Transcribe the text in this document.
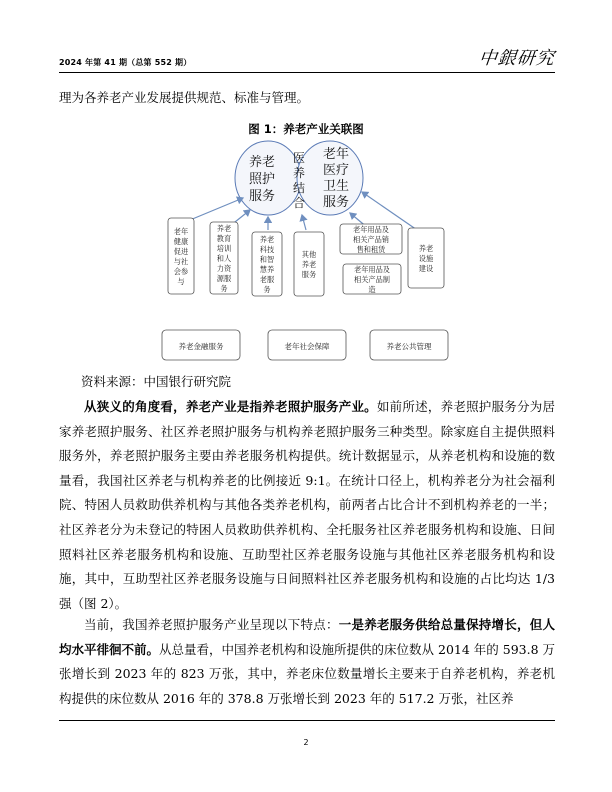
2024 年第 41 期（总第 552 期）	中銀研究
理为各养老产业发展提供规范、标准与管理。
图 1：养老产业关联图
养老
照护
服务
医
养
结
合
老年
医疗
卫生
服务
老年
健康
促进
与社
会参
与
养老
教育
培训
和人
力资
源服
务
养老
科技
和智
慧养
老服
务
其他
养老
服务
老年用品及
相关产品销
售和租赁
老年用品及
相关产品制
造
养老
设施
建设
养老金融服务	老年社会保障	养老公共管理
资料来源：中国银行研究院
从狭义的角度看，养老产业是指养老照护服务产业。如前所述，养老照护服务分为居家养老照护服务、社区养老照护服务与机构养老照护服务三种类型。除家庭自主提供照料服务外，养老照护服务主要由养老服务机构提供。统计数据显示，从养老机构和设施的数量看，我国社区养老与机构养老的比例接近 9:1。在统计口径上，机构养老分为社会福利院、特困人员救助供养机构与其他各类养老机构，前两者占比合计不到机构养老的一半；社区养老分为未登记的特困人员救助供养机构、全托服务社区养老服务机构和设施、日间照料社区养老服务机构和设施、互助型社区养老服务设施与其他社区养老服务机构和设施，其中，互助型社区养老服务设施与日间照料社区养老服务机构和设施的占比均达 1/3 强（图 2）。
当前，我国养老照护服务产业呈现以下特点：一是养老服务供给总量保持增长，但人均水平徘徊不前。从总量看，中国养老机构和设施所提供的床位数从 2014 年的 593.8 万张增长到 2023 年的 823 万张，其中，养老床位数量增长主要来于自养老机构，养老机构提供的床位数从 2016 年的 378.8 万张增长到 2023 年的 517.2 万张，社区养
2
